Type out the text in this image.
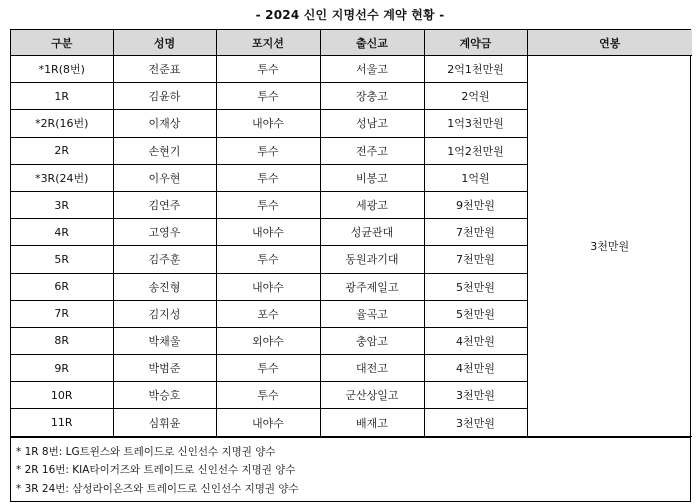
- 2024 신인 지명선수 계약 현황 -
구분	성명	포지션	출신교	계약금	연봉
*1R(8번)	전준표	투수	서울고	2억1천만원	3천만원
1R	김윤하	투수	장충고	2억원	
*2R(16번)	이재상	내야수	성남고	1억3천만원	
2R	손현기	투수	전주고	1억2천만원	
*3R(24번)	이우현	투수	비봉고	1억원	
3R	김연주	투수	세광고	9천만원	
4R	고영우	내야수	성균관대	7천만원	
5R	김주훈	투수	동원과기대	7천만원	
6R	송진형	내야수	광주제일고	5천만원	
7R	김지성	포수	율곡고	5천만원	
8R	박채울	외야수	충암고	4천만원	
9R	박범준	투수	대전고	4천만원	
10R	박승호	투수	군산상일고	3천만원	
11R	심휘윤	내야수	배재고	3천만원	
* 1R 8번: LG트윈스와 트레이드로 신인선수 지명권 양수
* 2R 16번: KIA타이거즈와 트레이드로 신인선수 지명권 양수
* 3R 24번: 삼성라이온즈와 트레이드로 신인선수 지명권 양수
